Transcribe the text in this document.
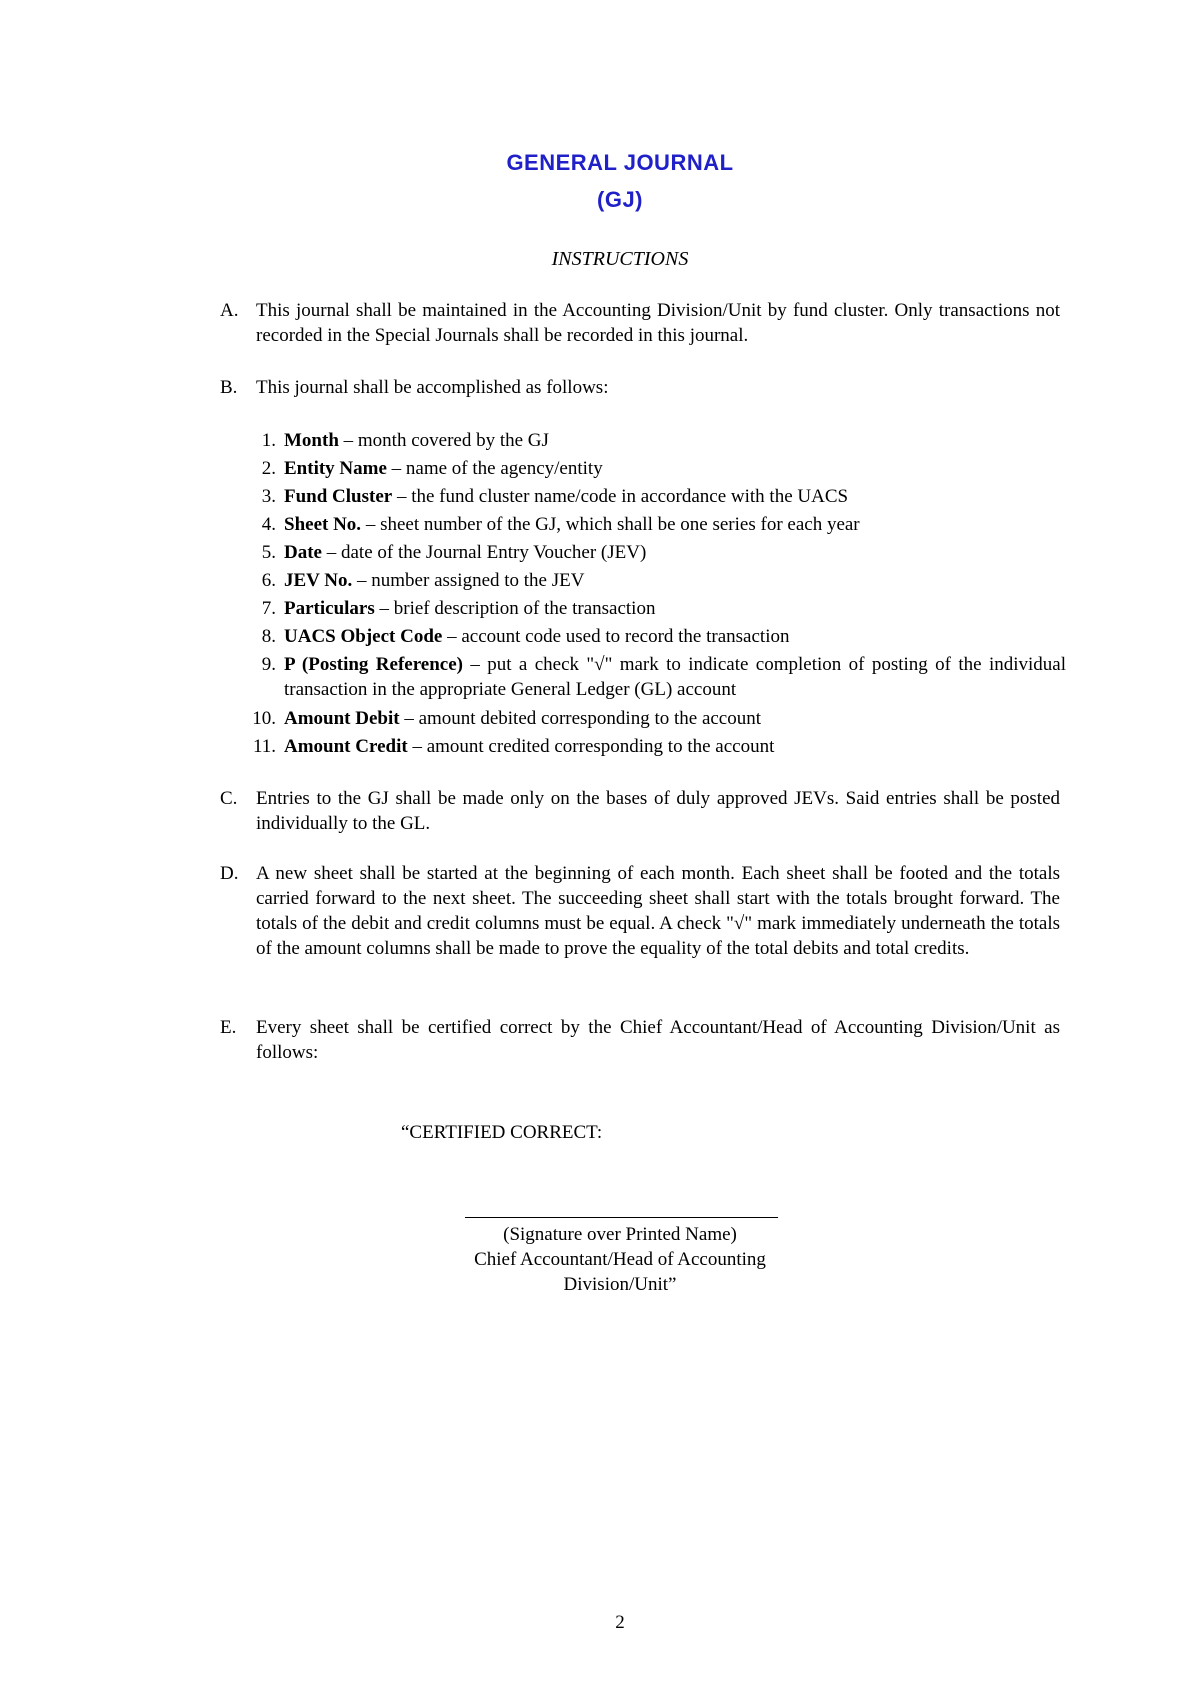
GENERAL JOURNAL
(GJ)
INSTRUCTIONS
A. This journal shall be maintained in the Accounting Division/Unit by fund cluster. Only transactions not recorded in the Special Journals shall be recorded in this journal.
B. This journal shall be accomplished as follows:
1. Month – month covered by the GJ
2. Entity Name – name of the agency/entity
3. Fund Cluster – the fund cluster name/code in accordance with the UACS
4. Sheet No. – sheet number of the GJ, which shall be one series for each year
5. Date – date of the Journal Entry Voucher (JEV)
6. JEV No. – number assigned to the JEV
7. Particulars – brief description of the transaction
8. UACS Object Code – account code used to record the transaction
9. P (Posting Reference) – put a check "√" mark to indicate completion of posting of the individual transaction in the appropriate General Ledger (GL) account
10. Amount Debit – amount debited corresponding to the account
11. Amount Credit – amount credited corresponding to the account
C. Entries to the GJ shall be made only on the bases of duly approved JEVs. Said entries shall be posted individually to the GL.
D. A new sheet shall be started at the beginning of each month. Each sheet shall be footed and the totals carried forward to the next sheet. The succeeding sheet shall start with the totals brought forward. The totals of the debit and credit columns must be equal. A check "√" mark immediately underneath the totals of the amount columns shall be made to prove the equality of the total debits and total credits.
E. Every sheet shall be certified correct by the Chief Accountant/Head of Accounting Division/Unit as follows:
“CERTIFIED CORRECT:
(Signature over Printed Name)
Chief Accountant/Head of Accounting
Division/Unit”
2
